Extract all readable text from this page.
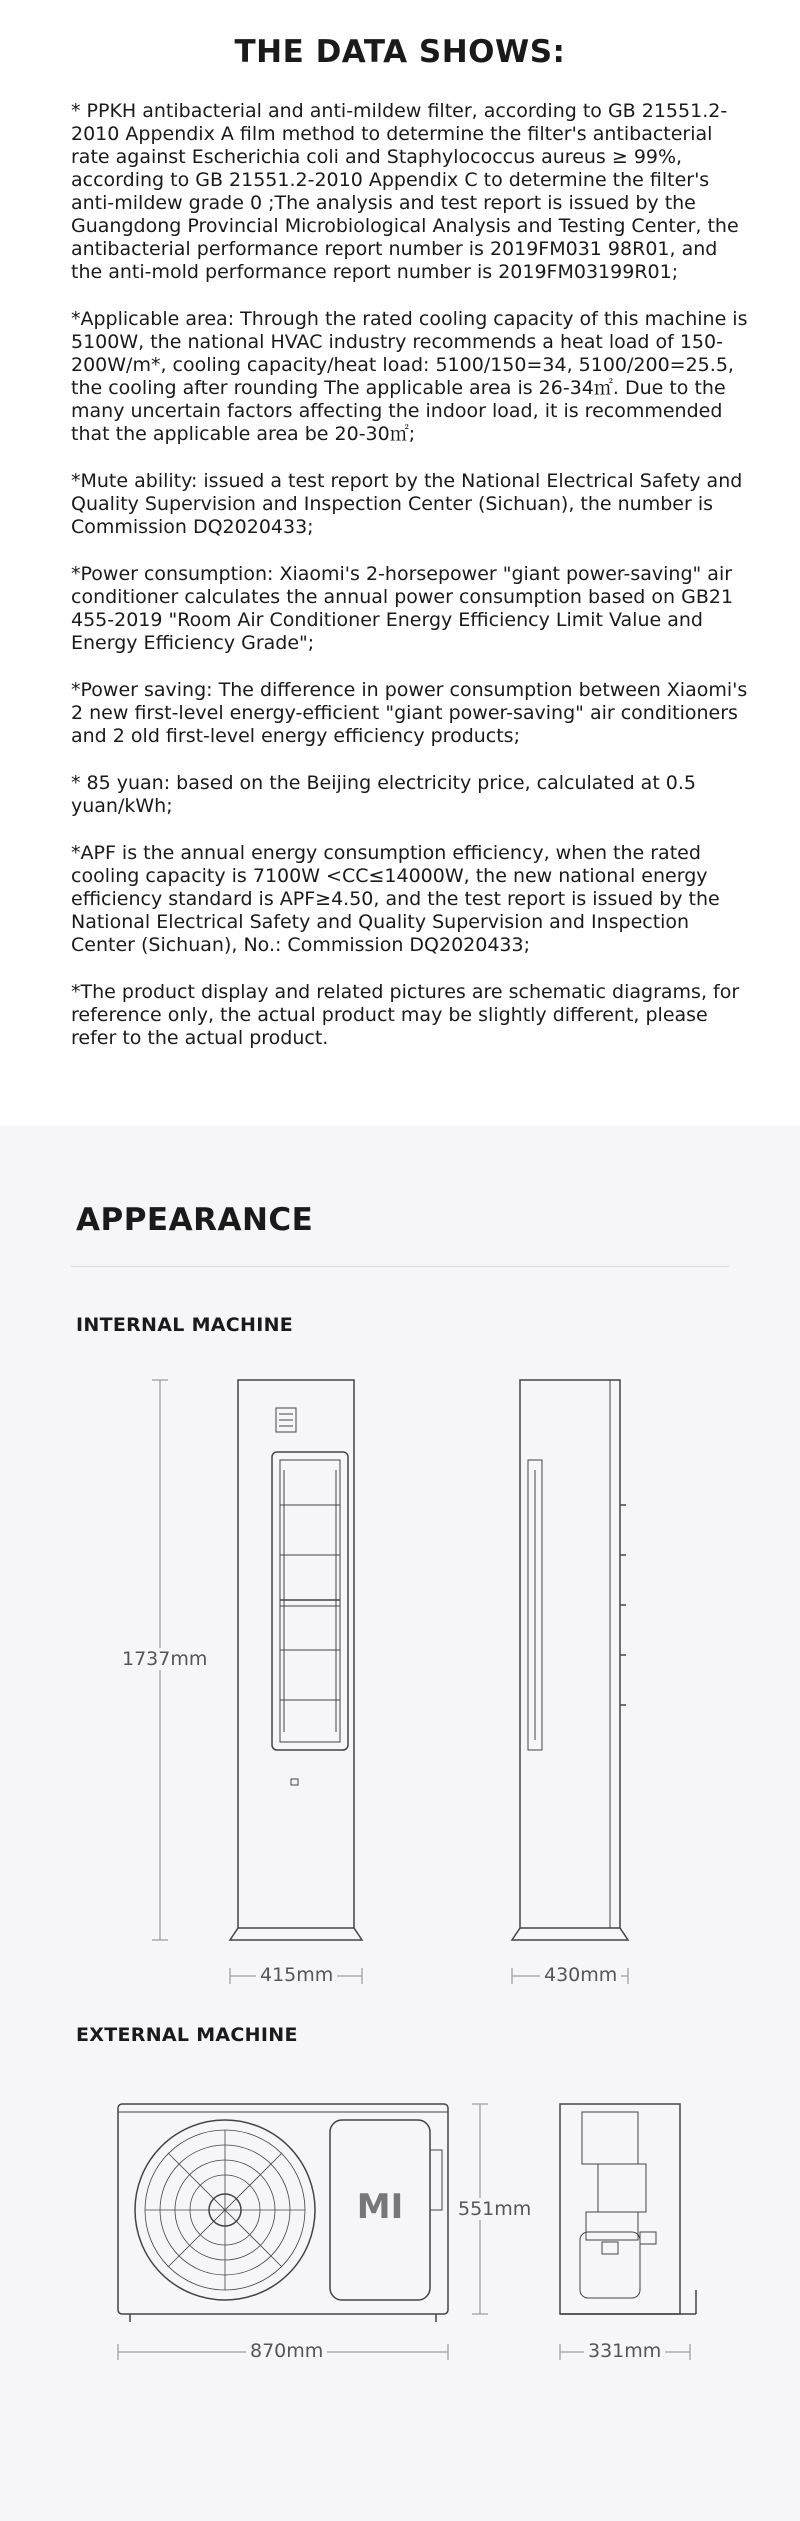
THE DATA SHOWS:

* PPKH antibacterial and anti-mildew filter, according to GB 21551.2-2010 Appendix A film method to determine the filter's antibacterial rate against Escherichia coli and Staphylococcus aureus ≥ 99%, according to GB 21551.2-2010 Appendix C to determine the filter's anti-mildew grade 0 ;The analysis and test report is issued by the Guangdong Provincial Microbiological Analysis and Testing Center, the antibacterial performance report number is 2019FM031 98R01, and the anti-mold performance report number is 2019FM03199R01;

*Applicable area: Through the rated cooling capacity of this machine is 5100W, the national HVAC industry recommends a heat load of 150-200W/m*, cooling capacity/heat load: 5100/150=34, 5100/200=25.5, the cooling after rounding The applicable area is 26-34㎡. Due to the many uncertain factors affecting the indoor load, it is recommended that the applicable area be 20-30㎡;

*Mute ability: issued a test report by the National Electrical Safety and Quality Supervision and Inspection Center (Sichuan), the number is Commission DQ2020433;

*Power consumption: Xiaomi's 2-horsepower "giant power-saving" air conditioner calculates the annual power consumption based on GB21 455-2019 "Room Air Conditioner Energy Efficiency Limit Value and Energy Efficiency Grade";

*Power saving: The difference in power consumption between Xiaomi's 2 new first-level energy-efficient "giant power-saving" air conditioners and 2 old first-level energy efficiency products;

* 85 yuan: based on the Beijing electricity price, calculated at 0.5 yuan/kWh;

*APF is the annual energy consumption efficiency, when the rated cooling capacity is 7100W <CC≤14000W, the new national energy efficiency standard is APF≥4.50, and the test report is issued by the National Electrical Safety and Quality Supervision and Inspection Center (Sichuan), No.: Commission DQ2020433;

*The product display and related pictures are schematic diagrams, for reference only, the actual product may be slightly different, please refer to the actual product.

APPEARANCE
INTERNAL MACHINE
EXTERNAL MACHINE
MI
1737mm
415mm	430mm
551mm
870mm	331mm
